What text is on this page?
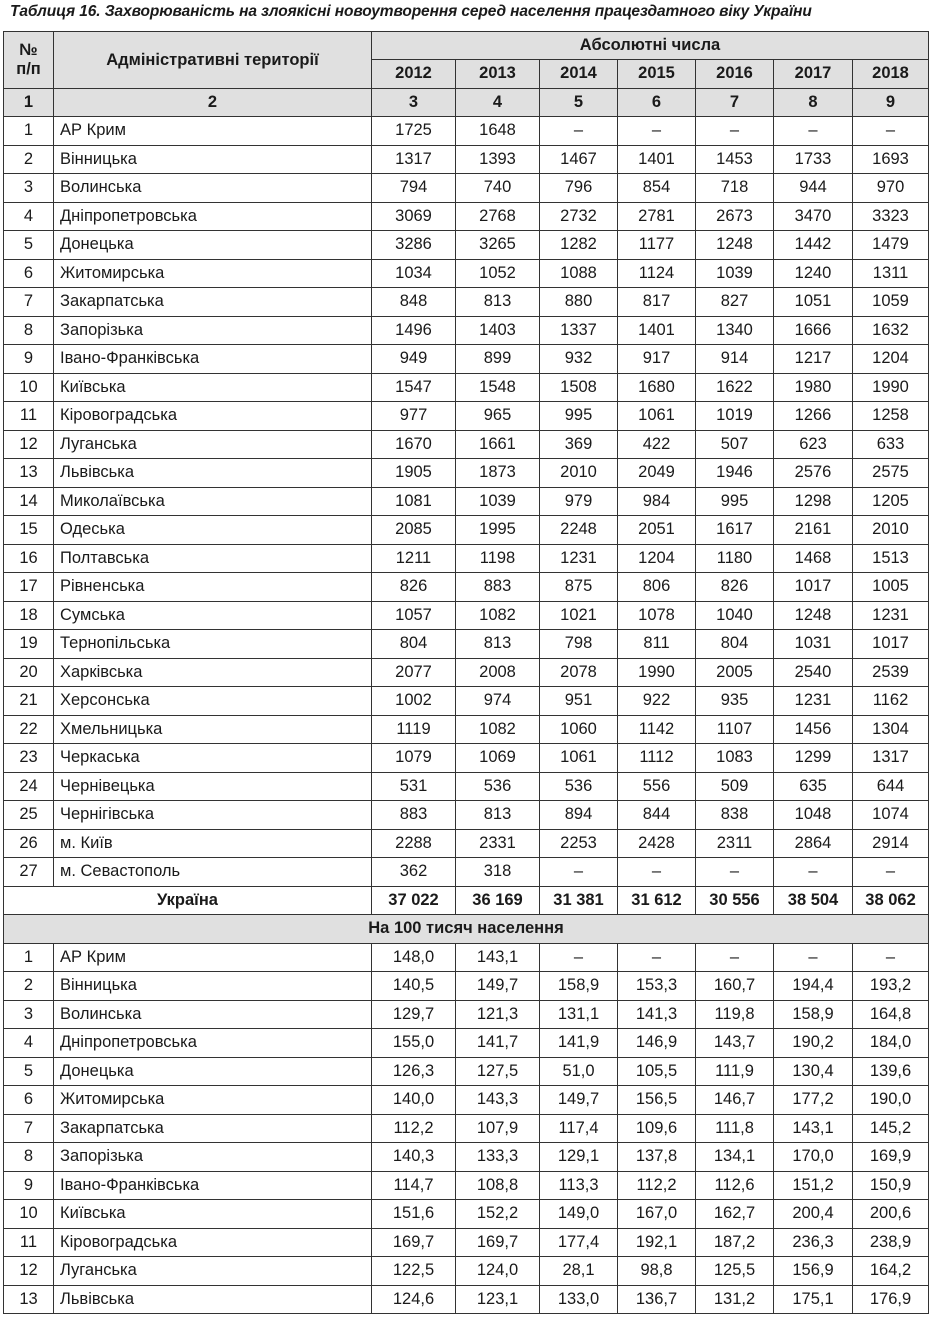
Таблиця 16. Захворюваність на злоякісні новоутворення серед населення працездатного віку України
№
п/п	Адміністративні території	Абсолютні числа						
		2012	2013	2014	2015	2016	2017	2018
1	2	3	4	5	6	7	8	9
1	АР Крим	1725	1648	–	–	–	–	–
2	Вінницька	1317	1393	1467	1401	1453	1733	1693
3	Волинська	794	740	796	854	718	944	970
4	Дніпропетровська	3069	2768	2732	2781	2673	3470	3323
5	Донецька	3286	3265	1282	1177	1248	1442	1479
6	Житомирська	1034	1052	1088	1124	1039	1240	1311
7	Закарпатська	848	813	880	817	827	1051	1059
8	Запорізька	1496	1403	1337	1401	1340	1666	1632
9	Івано-Франківська	949	899	932	917	914	1217	1204
10	Київська	1547	1548	1508	1680	1622	1980	1990
11	Кіровоградська	977	965	995	1061	1019	1266	1258
12	Луганська	1670	1661	369	422	507	623	633
13	Львівська	1905	1873	2010	2049	1946	2576	2575
14	Миколаївська	1081	1039	979	984	995	1298	1205
15	Одеська	2085	1995	2248	2051	1617	2161	2010
16	Полтавська	1211	1198	1231	1204	1180	1468	1513
17	Рівненська	826	883	875	806	826	1017	1005
18	Сумська	1057	1082	1021	1078	1040	1248	1231
19	Тернопільська	804	813	798	811	804	1031	1017
20	Харківська	2077	2008	2078	1990	2005	2540	2539
21	Херсонська	1002	974	951	922	935	1231	1162
22	Хмельницька	1119	1082	1060	1142	1107	1456	1304
23	Черкаська	1079	1069	1061	1112	1083	1299	1317
24	Чернівецька	531	536	536	556	509	635	644
25	Чернігівська	883	813	894	844	838	1048	1074
26	м. Київ	2288	2331	2253	2428	2311	2864	2914
27	м. Севастополь	362	318	–	–	–	–	–
Україна		37 022	36 169	31 381	31 612	30 556	38 504	38 062
На 100 тисяч населення								
1	АР Крим	148,0	143,1	–	–	–	–	–
2	Вінницька	140,5	149,7	158,9	153,3	160,7	194,4	193,2
3	Волинська	129,7	121,3	131,1	141,3	119,8	158,9	164,8
4	Дніпропетровська	155,0	141,7	141,9	146,9	143,7	190,2	184,0
5	Донецька	126,3	127,5	51,0	105,5	111,9	130,4	139,6
6	Житомирська	140,0	143,3	149,7	156,5	146,7	177,2	190,0
7	Закарпатська	112,2	107,9	117,4	109,6	111,8	143,1	145,2
8	Запорізька	140,3	133,3	129,1	137,8	134,1	170,0	169,9
9	Івано-Франківська	114,7	108,8	113,3	112,2	112,6	151,2	150,9
10	Київська	151,6	152,2	149,0	167,0	162,7	200,4	200,6
11	Кіровоградська	169,7	169,7	177,4	192,1	187,2	236,3	238,9
12	Луганська	122,5	124,0	28,1	98,8	125,5	156,9	164,2
13	Львівська	124,6	123,1	133,0	136,7	131,2	175,1	176,9
